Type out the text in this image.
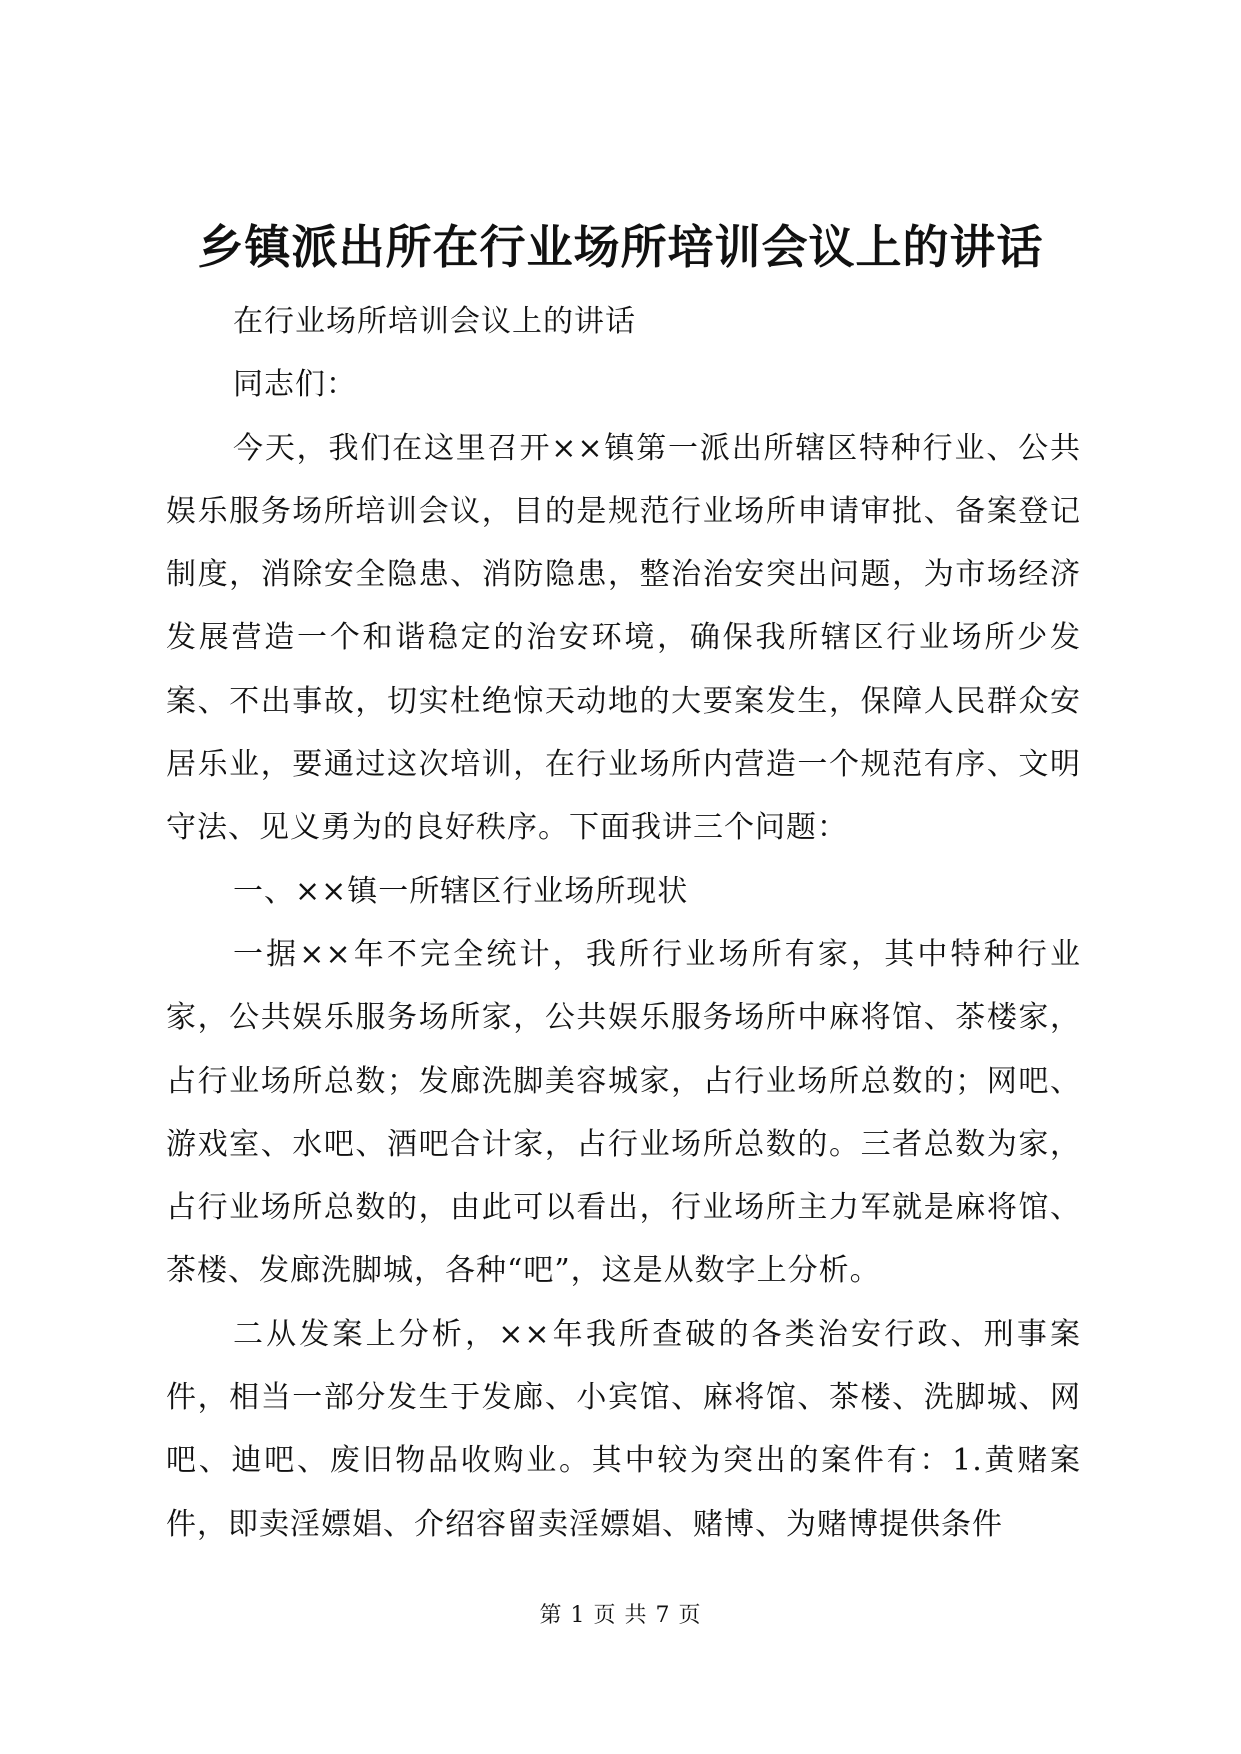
乡镇派出所在行业场所培训会议上的讲话

在行业场所培训会议上的讲话

同志们：

今天，我们在这里召开××镇第一派出所辖区特种行业、公共娱乐服务场所培训会议，目的是规范行业场所申请审批、备案登记制度，消除安全隐患、消防隐患，整治治安突出问题，为市场经济发展营造一个和谐稳定的治安环境，确保我所辖区行业场所少发案、不出事故，切实杜绝惊天动地的大要案发生，保障人民群众安居乐业，要通过这次培训，在行业场所内营造一个规范有序、文明守法、见义勇为的良好秩序。下面我讲三个问题：

一、××镇一所辖区行业场所现状

一据××年不完全统计，我所行业场所有家，其中特种行业家，公共娱乐服务场所家，公共娱乐服务场所中麻将馆、茶楼家，占行业场所总数；发廊洗脚美容城家，占行业场所总数的；网吧、游戏室、水吧、酒吧合计家，占行业场所总数的。三者总数为家，占行业场所总数的，由此可以看出，行业场所主力军就是麻将馆、茶楼、发廊洗脚城，各种“吧”，这是从数字上分析。

二从发案上分析，××年我所查破的各类治安行政、刑事案件，相当一部分发生于发廊、小宾馆、麻将馆、茶楼、洗脚城、网吧、迪吧、废旧物品收购业。其中较为突出的案件有：1.黄赌案件，即卖淫嫖娼、介绍容留卖淫嫖娼、赌博、为赌博提供条件

第 1 页 共 7 页
